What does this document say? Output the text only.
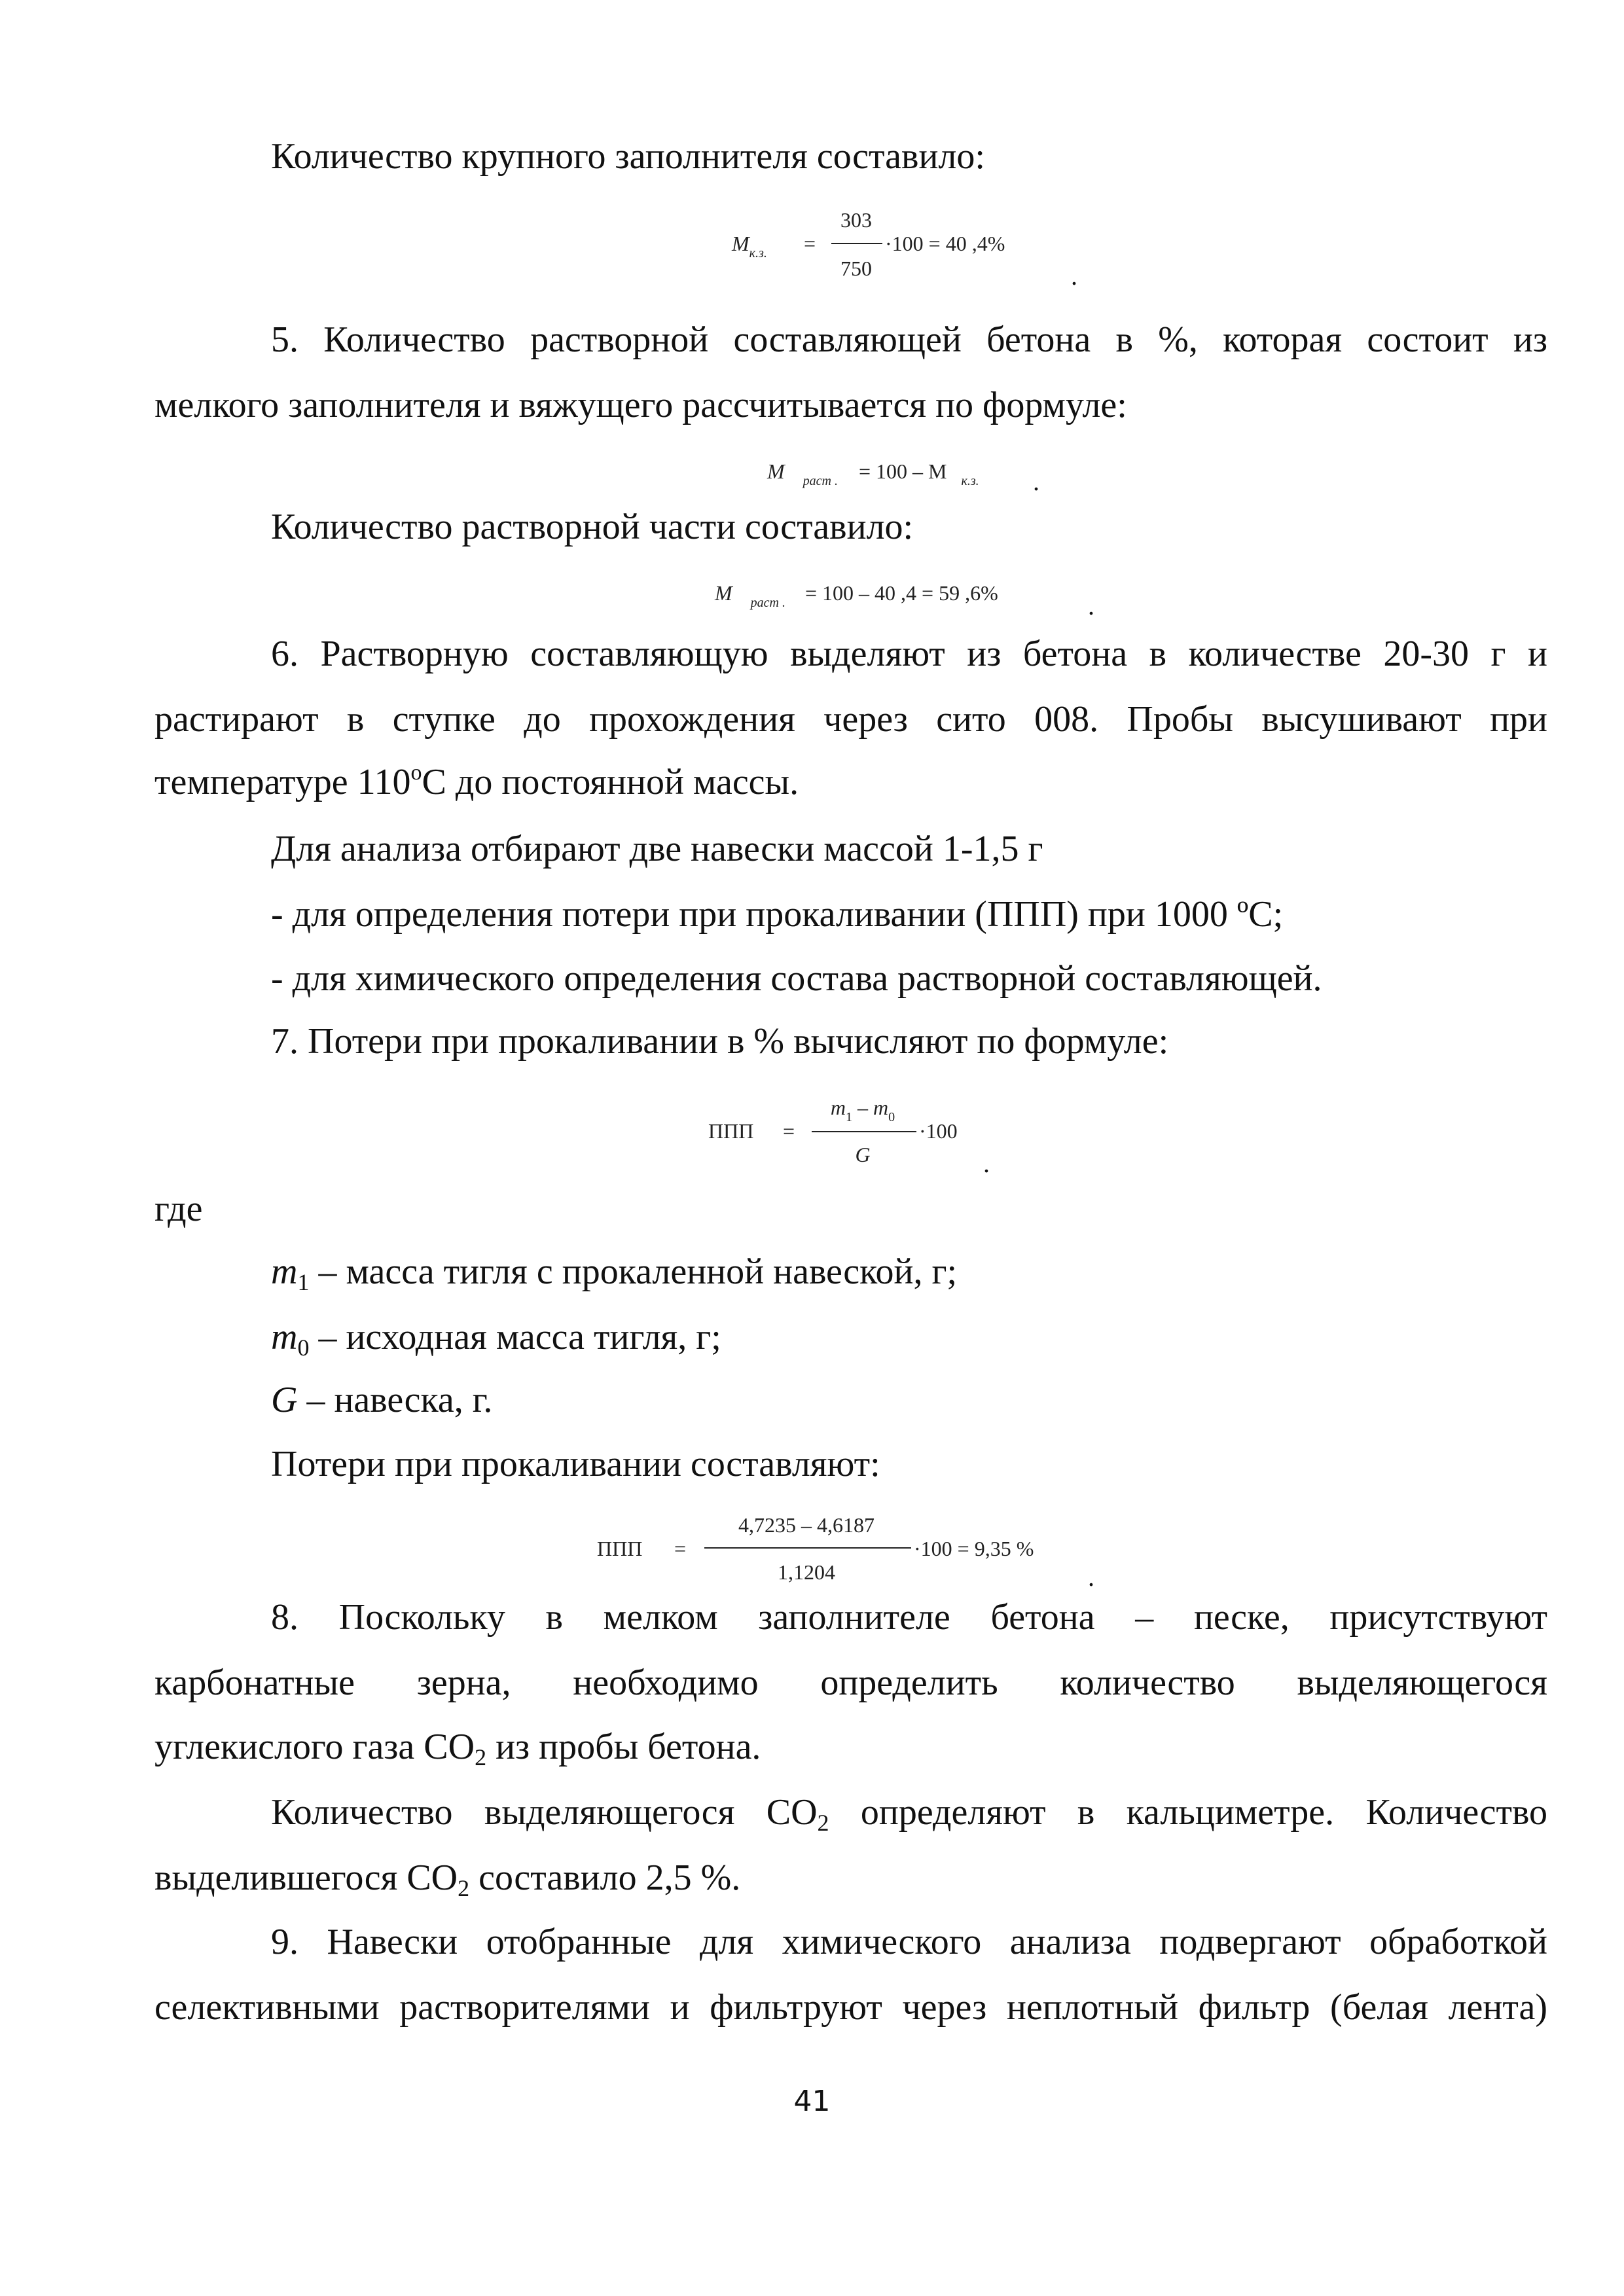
Количество крупного заполнителя составило:
$M_{к.з.}$ =
303
750
·100 = 40 ,4%
.
5. Количество растворной составляющей бетона в %, которая состоит из
мелкого заполнителя и вяжущего рассчитывается по формуле:
M $_{раст .}$ = 100 – M $_{к.з.}$ .
Количество растворной части составило:
M $_{раст .}$ = 100 – 40 ,4 = 59 ,6%	.
6. Растворную составляющую выделяют из бетона в количестве 20-30 г и
растирают в ступке до прохождения через сито 008. Пробы высушивают при
температуре 110$^o$С до постоянной массы.
Для анализа отбирают две навески массой 1-1,5 г
- для определения потери при прокаливании (ППП) при 1000 ºС;
- для химического определения состава растворной составляющей.
7. Потери при прокаливании в % вычисляют по формуле:
ППП =
$m_1 - m_0$
G
·100
.
где
$m_1$ – масса тигля с прокаленной навеской, г;
$m_0$ – исходная масса тигля, г;
G – навеска, г.
Потери при прокаливании составляют:
ППП =
4,7235 – 4,6187
1,1204
·100 = 9,35 %
.
8. Поскольку в мелком заполнителе бетона – песке, присутствуют
карбонатные зерна, необходимо определить количество выделяющегося
углекислого газа $СО_2$ из пробы бетона.
Количество выделяющегося $СО_2$ определяют в кальциметре. Количество
выделившегося $СО_2$ составило 2,5 %.
9. Навески отобранные для химического анализа подвергают обработкой
селективными растворителями и фильтруют через неплотный фильтр (белая лента)
41
